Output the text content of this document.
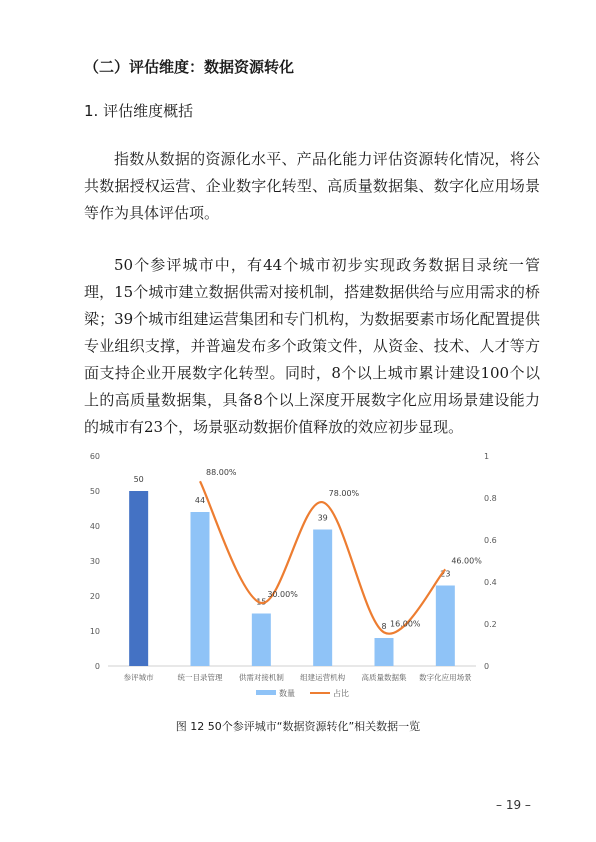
（二）评估维度：数据资源转化
1. 评估维度概括

指数从数据的资源化水平、产品化能力评估资源转化情况，将公共数据授权运营、企业数字化转型、高质量数据集、数字化应用场景等作为具体评估项。

50个参评城市中，有44个城市初步实现政务数据目录统一管理，15个城市建立数据供需对接机制，搭建数据供给与应用需求的桥梁；39个城市组建运营集团和专门机构，为数据要素市场化配置提供专业组织支撑，并普遍发布多个政策文件，从资金、技术、人才等方面支持企业开展数字化转型。同时，8个以上城市累计建设100个以上的高质量数据集，具备8个以上深度开展数字化应用场景建设能力的城市有23个，场景驱动数据价值释放的效应初步显现。

0
10
20
30
40
50
60
0
0.2
0.4
0.6
0.8
1
50
44
15
39
8
23
参评城市	统一目录管理 供需对接机制 组建运营机构 高质量数据集 数字化应用场景
88.00%
30.00%
78.00%
16.00%
46.00%
数量	占比
图 12 50个参评城市“数据资源转化”相关数据一览
– 19 –
